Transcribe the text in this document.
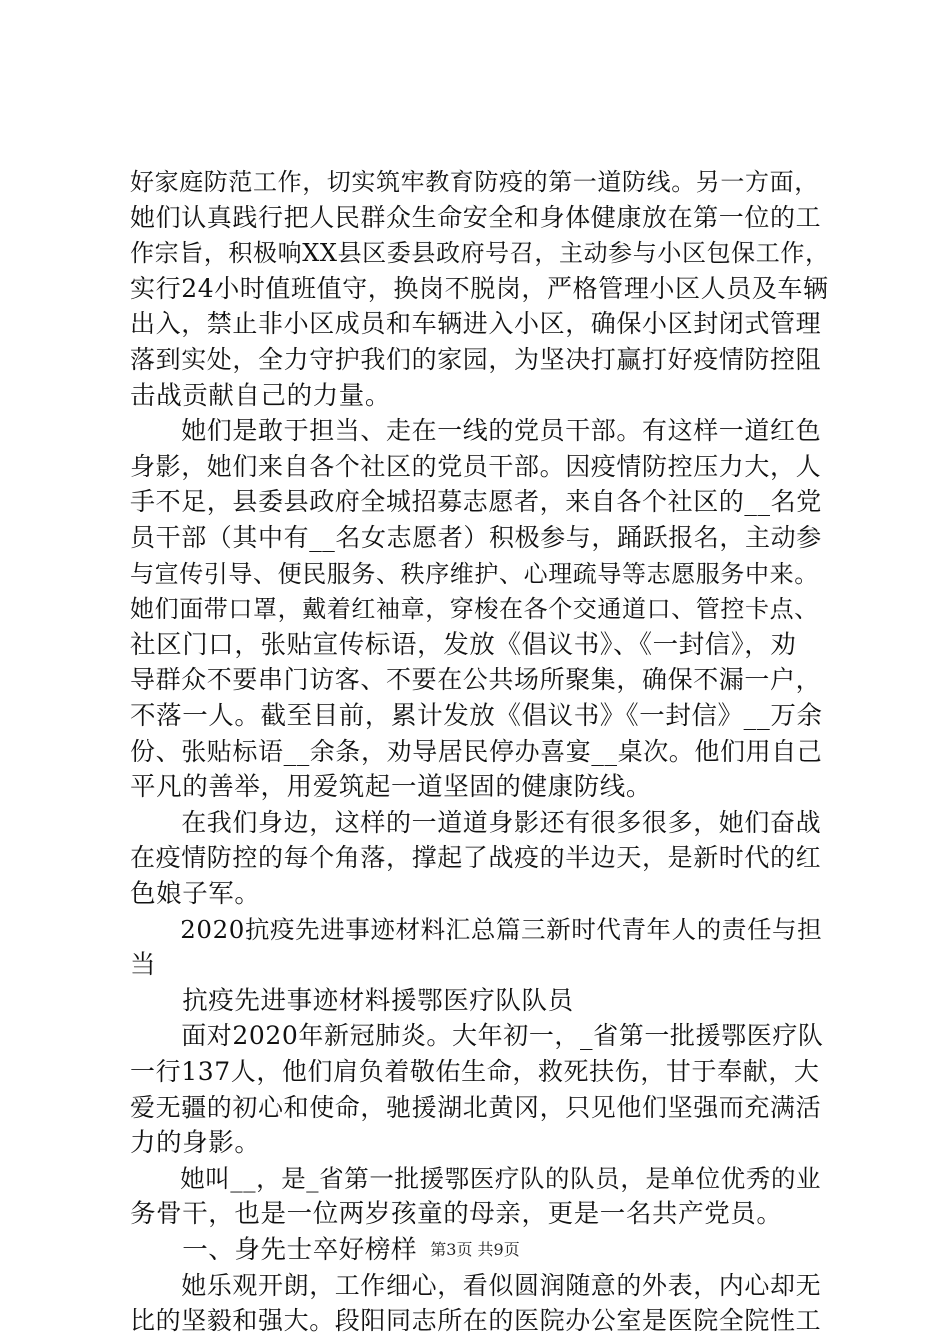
好家庭防范工作，切实筑牢教育防疫的第一道防线。另一方面，
她们认真践行把人民群众生命安全和身体健康放在第一位的工
作宗旨，积极响XX县区委县政府号召，主动参与小区包保工作，
实行24小时值班值守，换岗不脱岗，严格管理小区人员及车辆
出入，禁止非小区成员和车辆进入小区，确保小区封闭式管理
落到实处，全力守护我们的家园，为坚决打赢打好疫情防控阻
击战贡献自己的力量。
　　她们是敢于担当、走在一线的党员干部。有这样一道红色
身影，她们来自各个社区的党员干部。因疫情防控压力大，人
手不足，县委县政府全城招募志愿者，来自各个社区的__名党
员干部（其中有__名女志愿者）积极参与，踊跃报名，主动参
与宣传引导、便民服务、秩序维护、心理疏导等志愿服务中来。
她们面带口罩，戴着红袖章，穿梭在各个交通道口、管控卡点、
社区门口，张贴宣传标语，发放《倡议书》、《一封信》，劝
导群众不要串门访客、不要在公共场所聚集，确保不漏一户，
不落一人。截至目前，累计发放《倡议书》《一封信》__万余
份、张贴标语__余条，劝导居民停办喜宴__桌次。他们用自己
平凡的善举，用爱筑起一道坚固的健康防线。
　　在我们身边，这样的一道道身影还有很多很多，她们奋战
在疫情防控的每个角落，撑起了战疫的半边天，是新时代的红
色娘子军。
　　2020抗疫先进事迹材料汇总篇三新时代青年人的责任与担
当
　　抗疫先进事迹材料援鄂医疗队队员
　　面对2020年新冠肺炎。大年初一，_省第一批援鄂医疗队
一行137人，他们肩负着敬佑生命，救死扶伤，甘于奉献，大
爱无疆的初心和使命，驰援湖北黄冈，只见他们坚强而充满活
力的身影。
　　她叫__，是_省第一批援鄂医疗队的队员，是单位优秀的业
务骨干，也是一位两岁孩童的母亲，更是一名共产党员。
　　一、身先士卒好榜样
　　她乐观开朗，工作细心，看似圆润随意的外表，内心却无
比的坚毅和强大。段阳同志所在的医院办公室是医院全院性工
第3页 共9页
